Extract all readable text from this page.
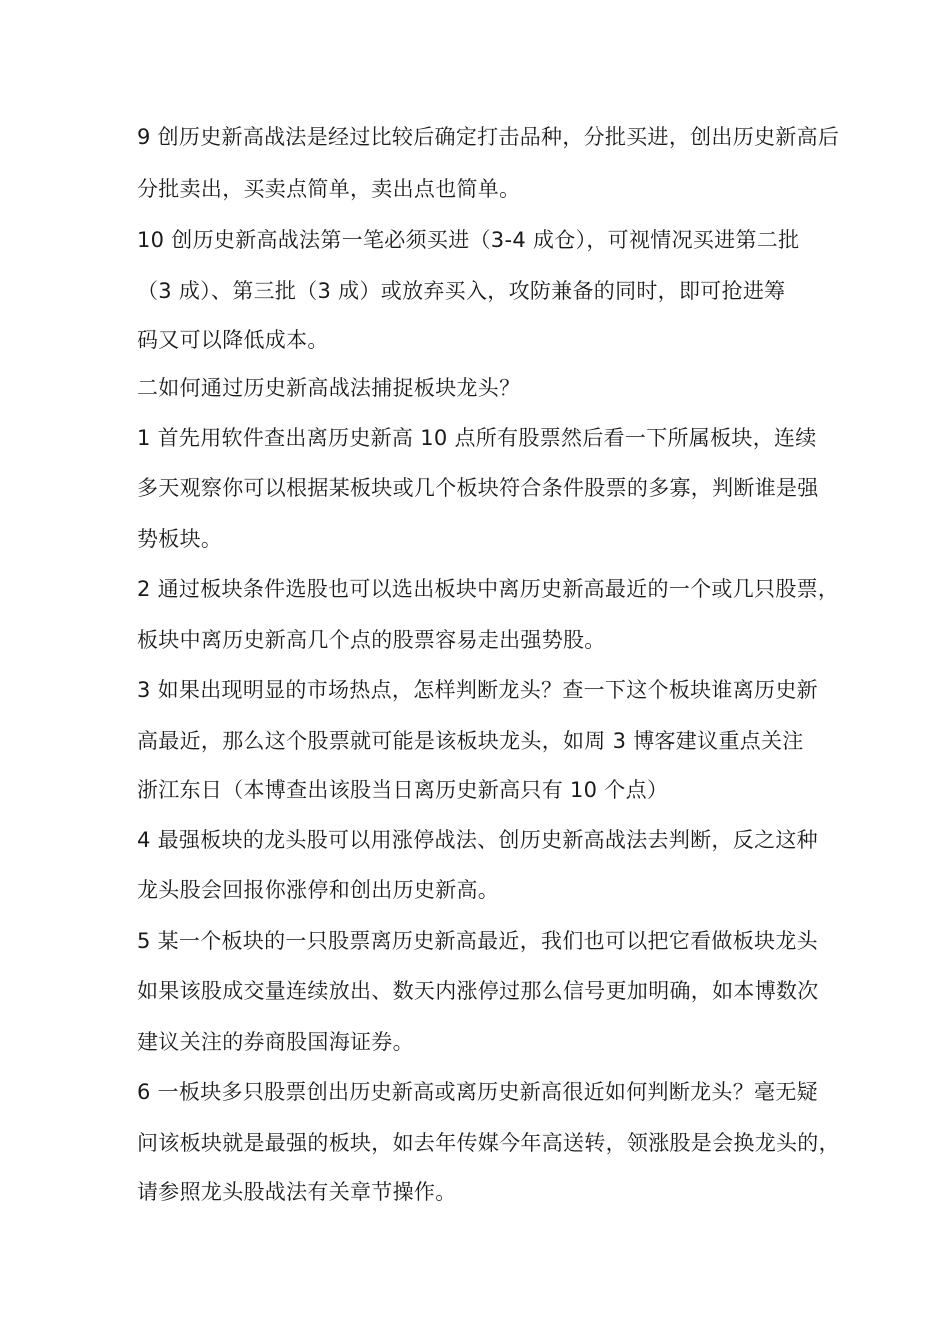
9 创历史新高战法是经过比较后确定打击品种，分批买进，创出历史新高后
分批卖出，买卖点简单，卖出点也简单。
10 创历史新高战法第一笔必须买进（3-4 成仓），可视情况买进第二批
（3 成）、第三批（3 成）或放弃买入，攻防兼备的同时，即可抢进筹
码又可以降低成本。
二如何通过历史新高战法捕捉板块龙头？
1 首先用软件查出离历史新高 10 点所有股票然后看一下所属板块，连续
多天观察你可以根据某板块或几个板块符合条件股票的多寡，判断谁是强
势板块。
2 通过板块条件选股也可以选出板块中离历史新高最近的一个或几只股票，
板块中离历史新高几个点的股票容易走出强势股。
3 如果出现明显的市场热点，怎样判断龙头？查一下这个板块谁离历史新
高最近，那么这个股票就可能是该板块龙头，如周 3 博客建议重点关注
浙江东日（本博查出该股当日离历史新高只有 10 个点）
4 最强板块的龙头股可以用涨停战法、创历史新高战法去判断，反之这种
龙头股会回报你涨停和创出历史新高。
5 某一个板块的一只股票离历史新高最近，我们也可以把它看做板块龙头
如果该股成交量连续放出、数天内涨停过那么信号更加明确，如本博数次
建议关注的券商股国海证券。
6 一板块多只股票创出历史新高或离历史新高很近如何判断龙头？毫无疑
问该板块就是最强的板块，如去年传媒今年高送转，领涨股是会换龙头的，
请参照龙头股战法有关章节操作。
